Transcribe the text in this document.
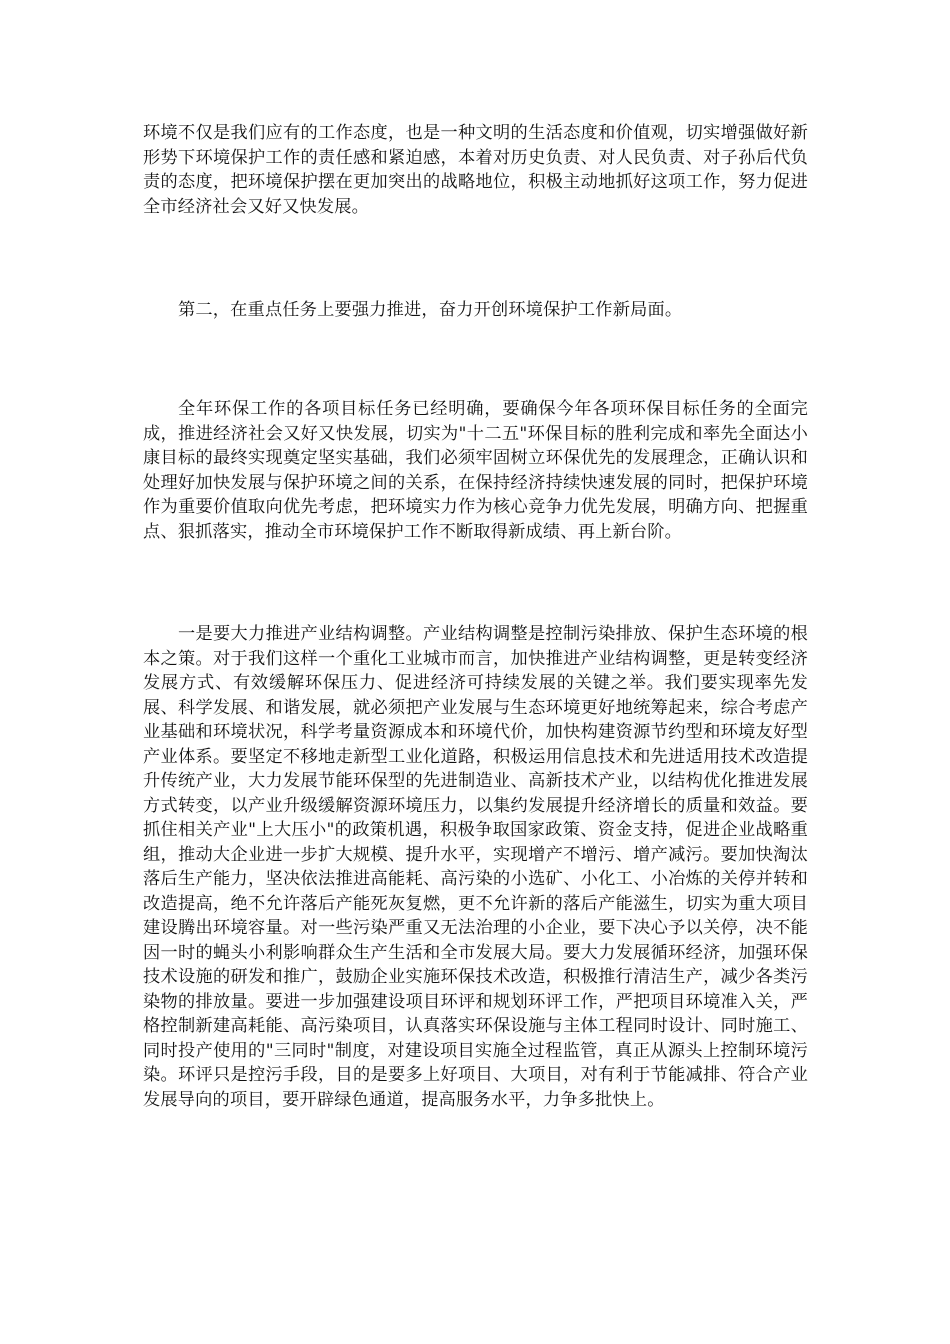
环境不仅是我们应有的工作态度，也是一种文明的生活态度和价值观，切实增强做好新形势下环境保护工作的责任感和紧迫感，本着对历史负责、对人民负责、对子孙后代负责的态度，把环境保护摆在更加突出的战略地位，积极主动地抓好这项工作，努力促进全市经济社会又好又快发展。

第二，在重点任务上要强力推进，奋力开创环境保护工作新局面。

全年环保工作的各项目标任务已经明确，要确保今年各项环保目标任务的全面完成，推进经济社会又好又快发展，切实为"十二五"环保目标的胜利完成和率先全面达小康目标的最终实现奠定坚实基础，我们必须牢固树立环保优先的发展理念，正确认识和处理好加快发展与保护环境之间的关系，在保持经济持续快速发展的同时，把保护环境作为重要价值取向优先考虑，把环境实力作为核心竞争力优先发展，明确方向、把握重点、狠抓落实，推动全市环境保护工作不断取得新成绩、再上新台阶。

一是要大力推进产业结构调整。产业结构调整是控制污染排放、保护生态环境的根本之策。对于我们这样一个重化工业城市而言，加快推进产业结构调整，更是转变经济发展方式、有效缓解环保压力、促进经济可持续发展的关键之举。我们要实现率先发展、科学发展、和谐发展，就必须把产业发展与生态环境更好地统筹起来，综合考虑产业基础和环境状况，科学考量资源成本和环境代价，加快构建资源节约型和环境友好型产业体系。要坚定不移地走新型工业化道路，积极运用信息技术和先进适用技术改造提升传统产业，大力发展节能环保型的先进制造业、高新技术产业，以结构优化推进发展方式转变，以产业升级缓解资源环境压力，以集约发展提升经济增长的质量和效益。要抓住相关产业"上大压小"的政策机遇，积极争取国家政策、资金支持，促进企业战略重组，推动大企业进一步扩大规模、提升水平，实现增产不增污、增产减污。要加快淘汰落后生产能力，坚决依法推进高能耗、高污染的小选矿、小化工、小冶炼的关停并转和改造提高，绝不允许落后产能死灰复燃，更不允许新的落后产能滋生，切实为重大项目建设腾出环境容量。对一些污染严重又无法治理的小企业，要下决心予以关停，决不能因一时的蝇头小利影响群众生产生活和全市发展大局。要大力发展循环经济，加强环保技术设施的研发和推广，鼓励企业实施环保技术改造，积极推行清洁生产，减少各类污染物的排放量。要进一步加强建设项目环评和规划环评工作，严把项目环境准入关，严格控制新建高耗能、高污染项目，认真落实环保设施与主体工程同时设计、同时施工、同时投产使用的"三同时"制度，对建设项目实施全过程监管，真正从源头上控制环境污染。环评只是控污手段，目的是要多上好项目、大项目，对有利于节能减排、符合产业发展导向的项目，要开辟绿色通道，提高服务水平，力争多批快上。
